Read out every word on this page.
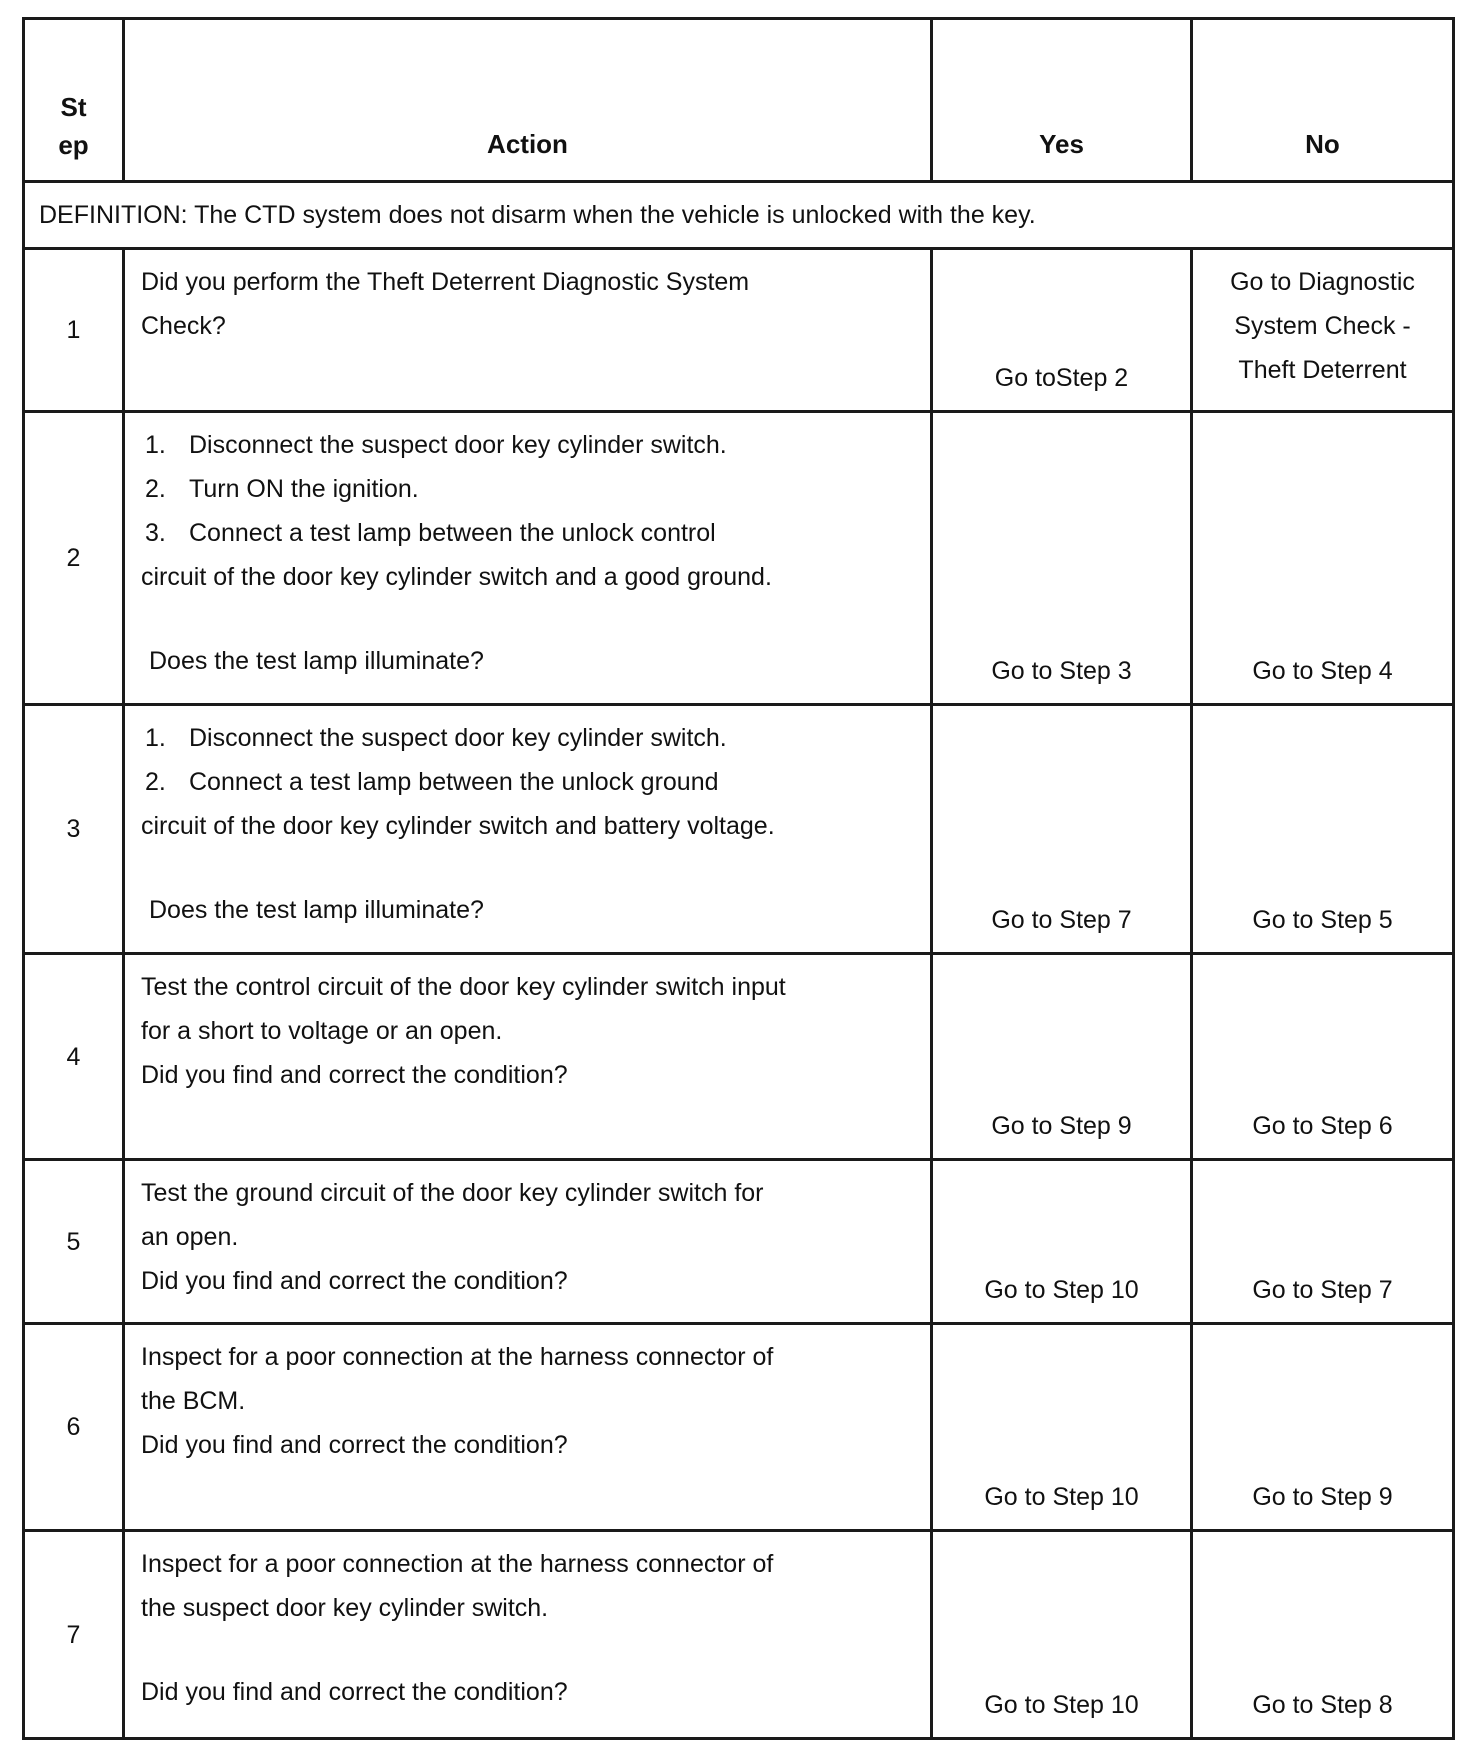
St
ep	Action	Yes	No
DEFINITION: The CTD system does not disarm when the vehicle is unlocked with the key.			
1	Did you perform the Theft Deterrent Diagnostic System
Check?	Go toStep 2	Go to Diagnostic
System Check -
Theft Deterrent

2	1. Disconnect the suspect door key cylinder switch.
2. Turn ON the ignition.
3. Connect a test lamp between the unlock control
circuit of the door key cylinder switch and a good ground.
Does the test lamp illuminate?	Go to Step 3	Go to Step 4
3	1. Disconnect the suspect door key cylinder switch.
2. Connect a test lamp between the unlock ground
circuit of the door key cylinder switch and battery voltage.
Does the test lamp illuminate?	Go to Step 7	Go to Step 5
4	Test the control circuit of the door key cylinder switch input
for a short to voltage or an open.
Did you find and correct the condition?	Go to Step 9	Go to Step 6
5	Test the ground circuit of the door key cylinder switch for
an open.
Did you find and correct the condition?	Go to Step 10	Go to Step 7
6	Inspect for a poor connection at the harness connector of
the BCM.
Did you find and correct the condition?	Go to Step 10	Go to Step 9
7	Inspect for a poor connection at the harness connector of
the suspect door key cylinder switch.
Did you find and correct the condition?	Go to Step 10	Go to Step 8
